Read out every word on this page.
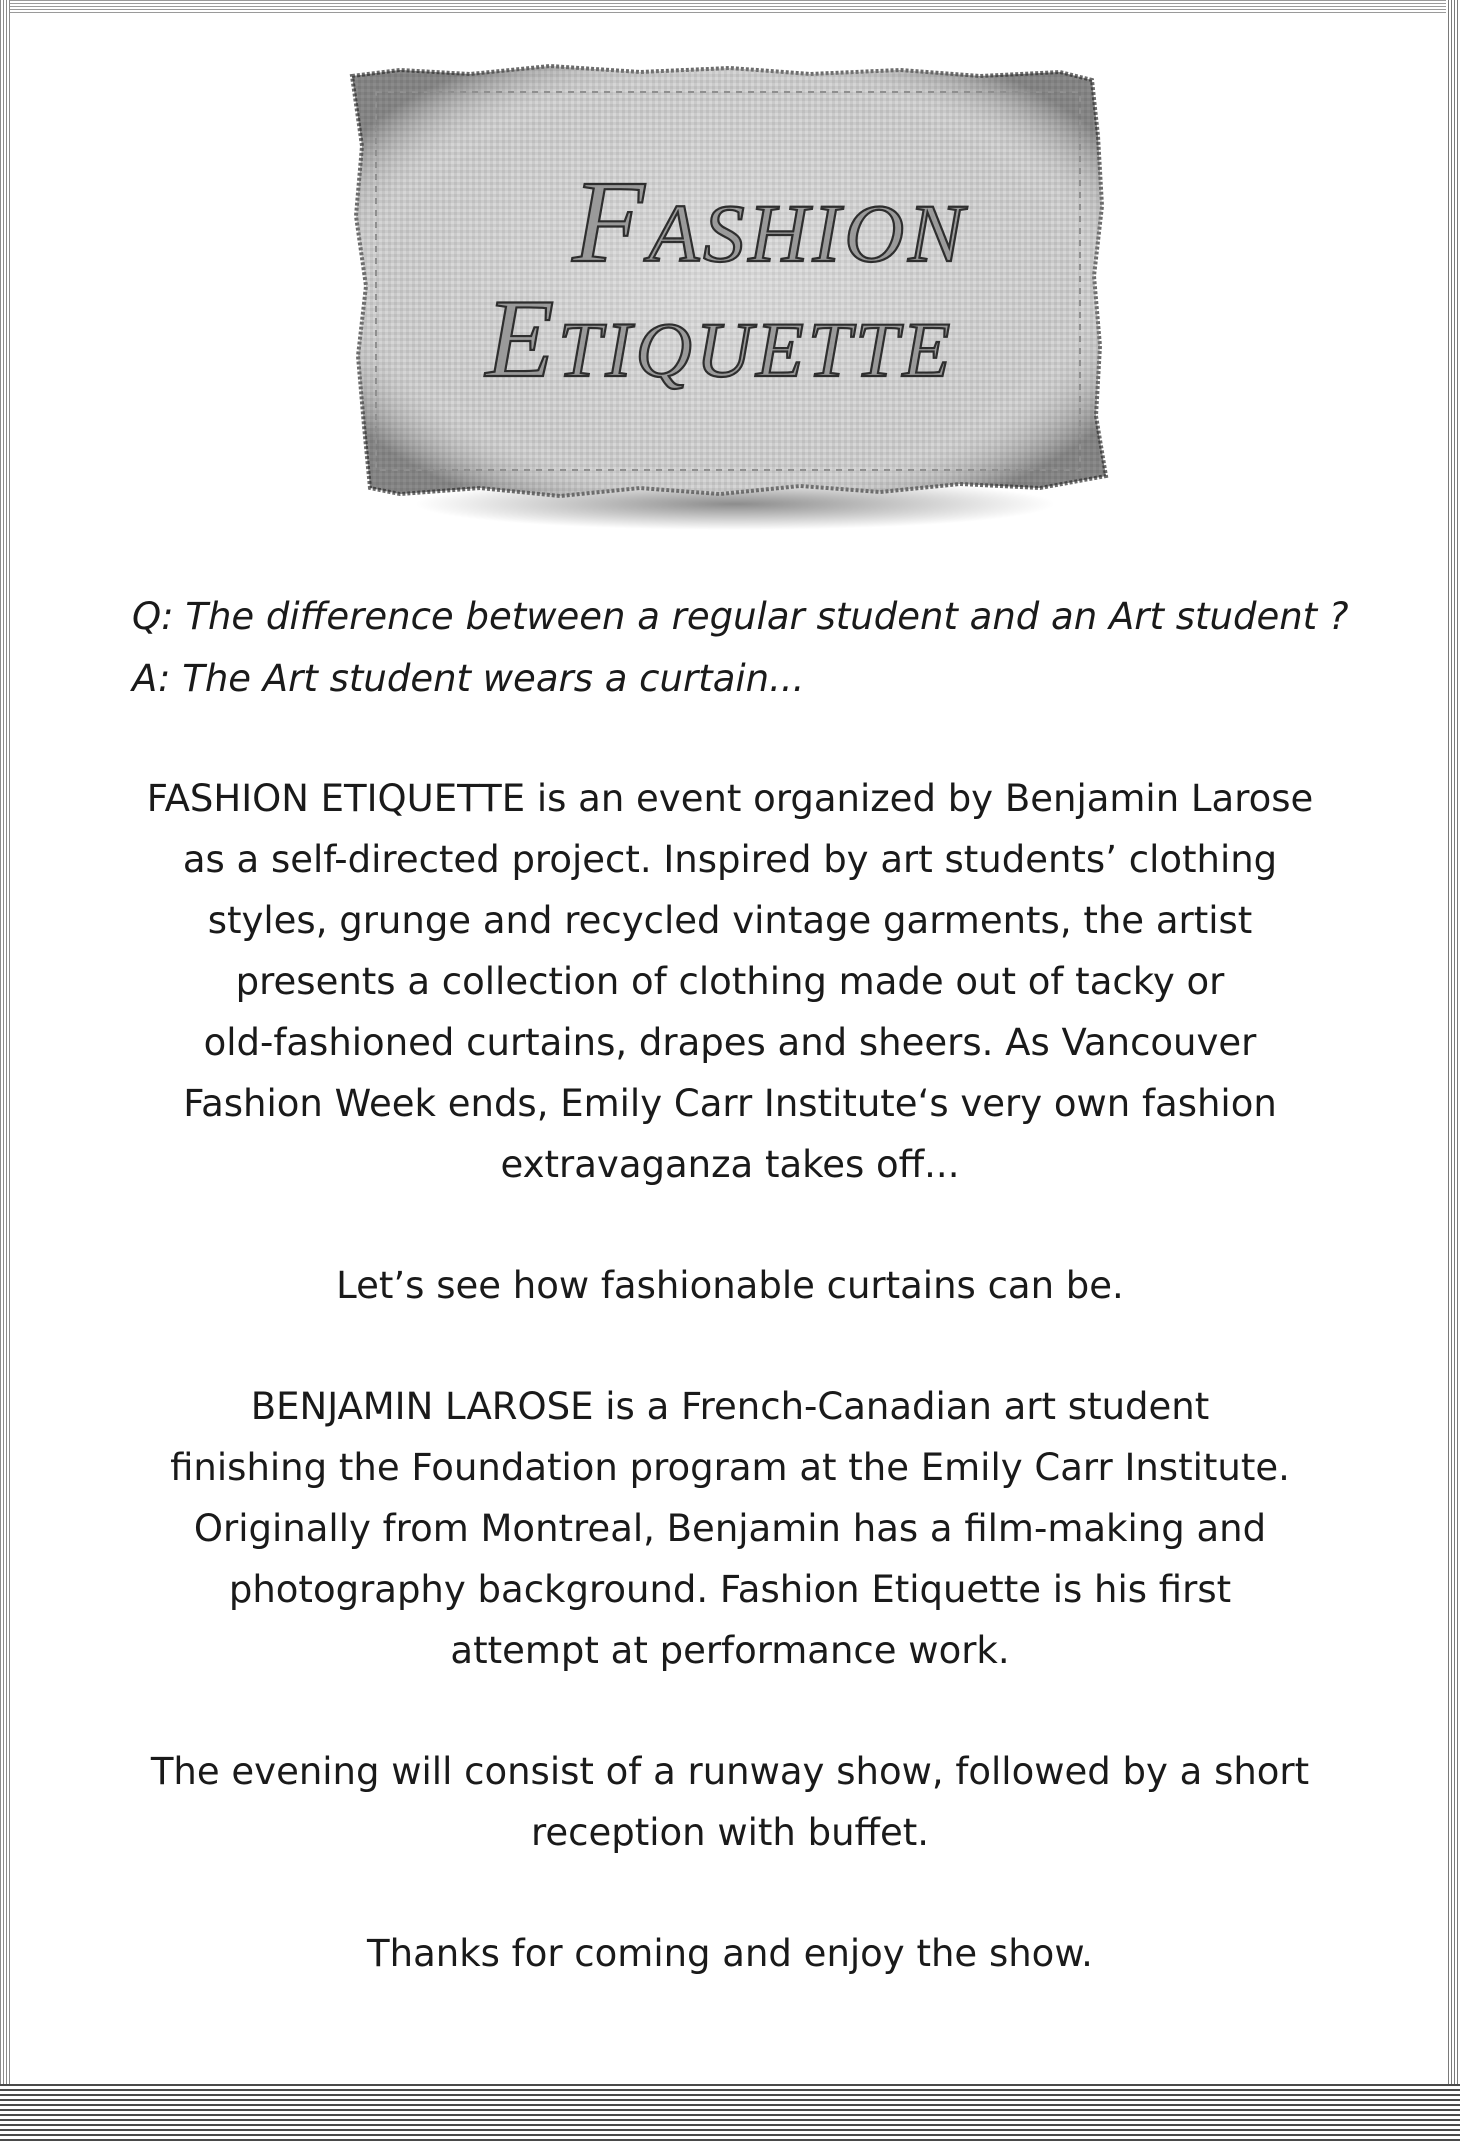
Fashion
Etiquette

Q: The difference between a regular student and an Art student ?

A: The Art student wears a curtain...

FASHION ETIQUETTE is an event organized by Benjamin Larose
as a self-directed project. Inspired by art students’ clothing
styles, grunge and recycled vintage garments, the artist
presents a collection of clothing made out of tacky or
old-fashioned curtains, drapes and sheers. As Vancouver
Fashion Week ends, Emily Carr Institute‘s very own fashion
extravaganza takes off...

Let’s see how fashionable curtains can be.

BENJAMIN LAROSE is a French-Canadian art student
finishing the Foundation program at the Emily Carr Institute.
Originally from Montreal, Benjamin has a film-making and
photography background. Fashion Etiquette is his first
attempt at performance work.

The evening will consist of a runway show, followed by a short
reception with buffet.

Thanks for coming and enjoy the show.
